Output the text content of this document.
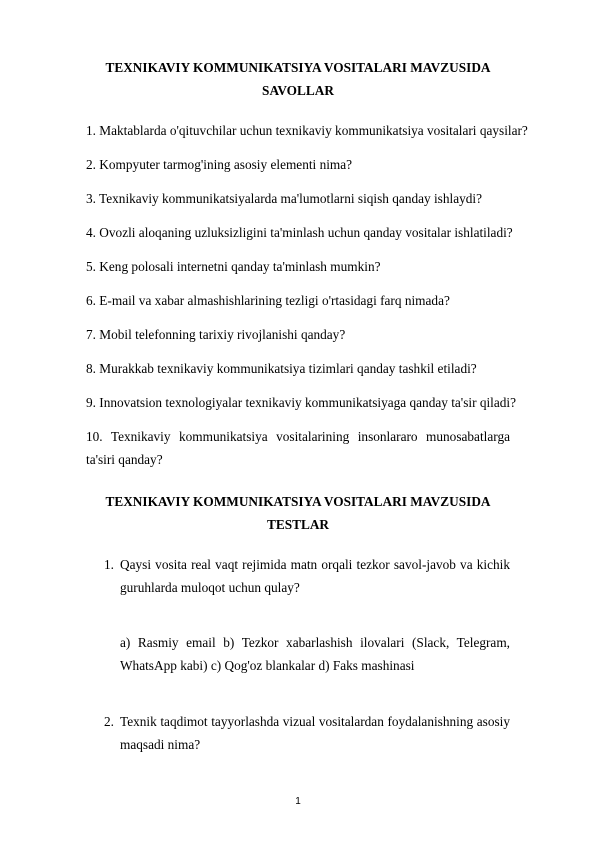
TEXNIKAVIY KOMMUNIKATSIYA VOSITALARI MAVZUSIDA
SAVOLLAR
1. Maktablarda o'qituvchilar uchun texnikaviy kommunikatsiya vositalari qaysilar?
2. Kompyuter tarmog'ining asosiy elementi nima?
3. Texnikaviy kommunikatsiyalarda ma'lumotlarni siqish qanday ishlaydi?
4. Ovozli aloqaning uzluksizligini ta'minlash uchun qanday vositalar ishlatiladi?
5. Keng polosali internetni qanday ta'minlash mumkin?
6. E-mail va xabar almashishlarining tezligi o'rtasidagi farq nimada?
7. Mobil telefonning tarixiy rivojlanishi qanday?
8. Murakkab texnikaviy kommunikatsiya tizimlari qanday tashkil etiladi?
9. Innovatsion texnologiyalar texnikaviy kommunikatsiyaga qanday ta'sir qiladi?
10. Texnikaviy kommunikatsiya vositalarining insonlararo munosabatlarga ta'siri qanday?
TEXNIKAVIY KOMMUNIKATSIYA VOSITALARI MAVZUSIDA
TESTLAR
1. Qaysi vosita real vaqt rejimida matn orqali tezkor savol-javob va kichik guruhlarda muloqot uchun qulay?
a) Rasmiy email b) Tezkor xabarlashish ilovalari (Slack, Telegram, WhatsApp kabi) c) Qog'oz blankalar d) Faks mashinasi
2. Texnik taqdimot tayyorlashda vizual vositalardan foydalanishning asosiy maqsadi nima?
1
